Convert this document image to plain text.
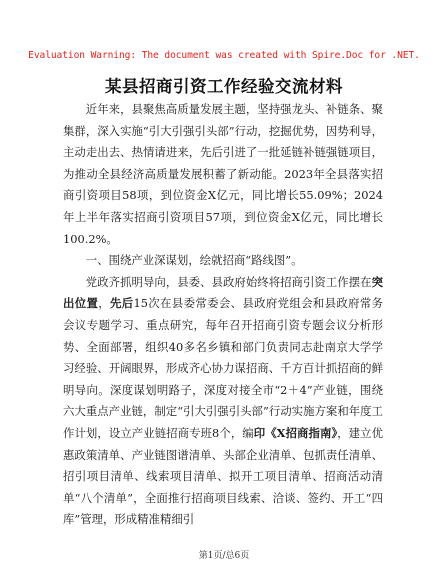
Evaluation Warning: The document was created with Spire.Doc for .NET.
某县招商引资工作经验交流材料

近年来，县聚焦高质量发展主题，坚持强龙头、补链条、聚集群，深入实施“引大引强引头部”行动，挖掘优势，因势利导，主动走出去、热情请进来，先后引进了一批延链补链强链项目，为推动全县经济高质量发展积蓄了新动能。2023年全县落实招商引资项目58项，到位资金X亿元，同比增长55.09%；2024年上半年落实招商引资项目57项，到位资金X亿元，同比增长100.2%。

一、围绕产业深谋划，绘就招商“路线图”。

党政齐抓明导向，县委、县政府始终将招商引资工作摆在突出位置，先后15次在县委常委会、县政府党组会和县政府常务会议专题学习、重点研究，每年召开招商引资专题会议分析形势、全面部署，组织40多名乡镇和部门负责同志赴南京大学学习经验、开阔眼界，形成齐心协力谋招商、千方百计抓招商的鲜明导向。深度谋划明路子，深度对接全市“2＋4”产业链，围绕六大重点产业链，制定“引大引强引头部”行动实施方案和年度工作计划，设立产业链招商专班8个，编印《X招商指南》，建立优惠政策清单、产业链图谱清单、头部企业清单、包抓责任清单、招引项目清单、线索项目清单、拟开工项目清单、招商活动清单“八个清单”，全面推行招商项目线索、洽谈、签约、开工“四库”管理，形成精准精细引

第1页/总6页
